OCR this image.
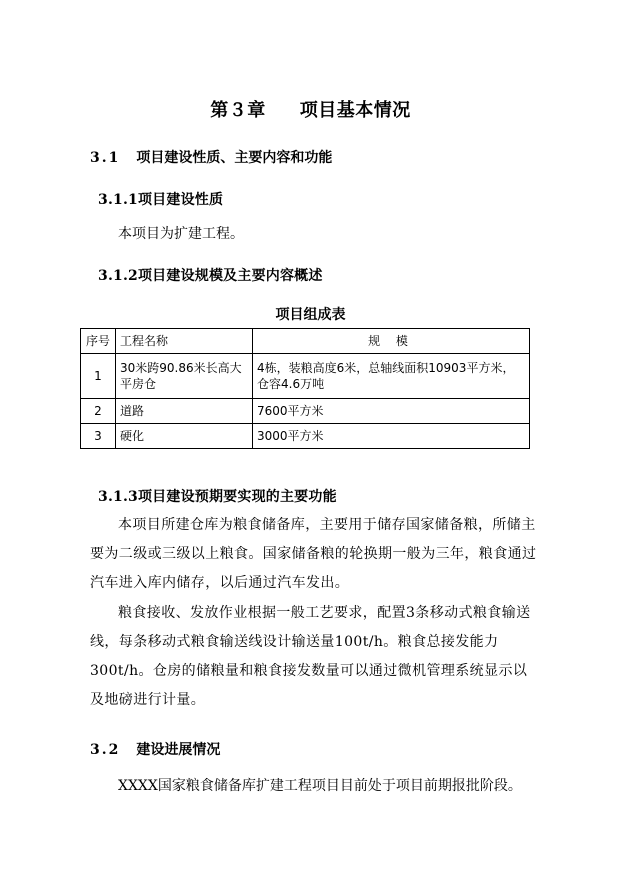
第３章 项目基本情况
3.1 项目建设性质、主要内容和功能
3.1.1项目建设性质
本项目为扩建工程。
3.1.2项目建设规模及主要内容概述
项目组成表
序号	工程名称	规 模
1	30米跨90.86米长高大平房仓	4栋，装粮高度6米，总轴线面积10903平方米，仓容4.6万吨
2	道路	7600平方米
3	硬化	3000平方米
3.1.3项目建设预期要实现的主要功能
本项目所建仓库为粮食储备库，主要用于储存国家储备粮，所储主要为二级或三级以上粮食。国家储备粮的轮换期一般为三年，粮食通过汽车进入库内储存，以后通过汽车发出。
粮食接收、发放作业根据一般工艺要求，配置3条移动式粮食输送线，每条移动式粮食输送线设计输送量100t/h。粮食总接发能力300t/h。仓房的储粮量和粮食接发数量可以通过微机管理系统显示以及地磅进行计量。
3.2 建设进展情况
XXXX国家粮食储备库扩建工程项目目前处于项目前期报批阶段。
